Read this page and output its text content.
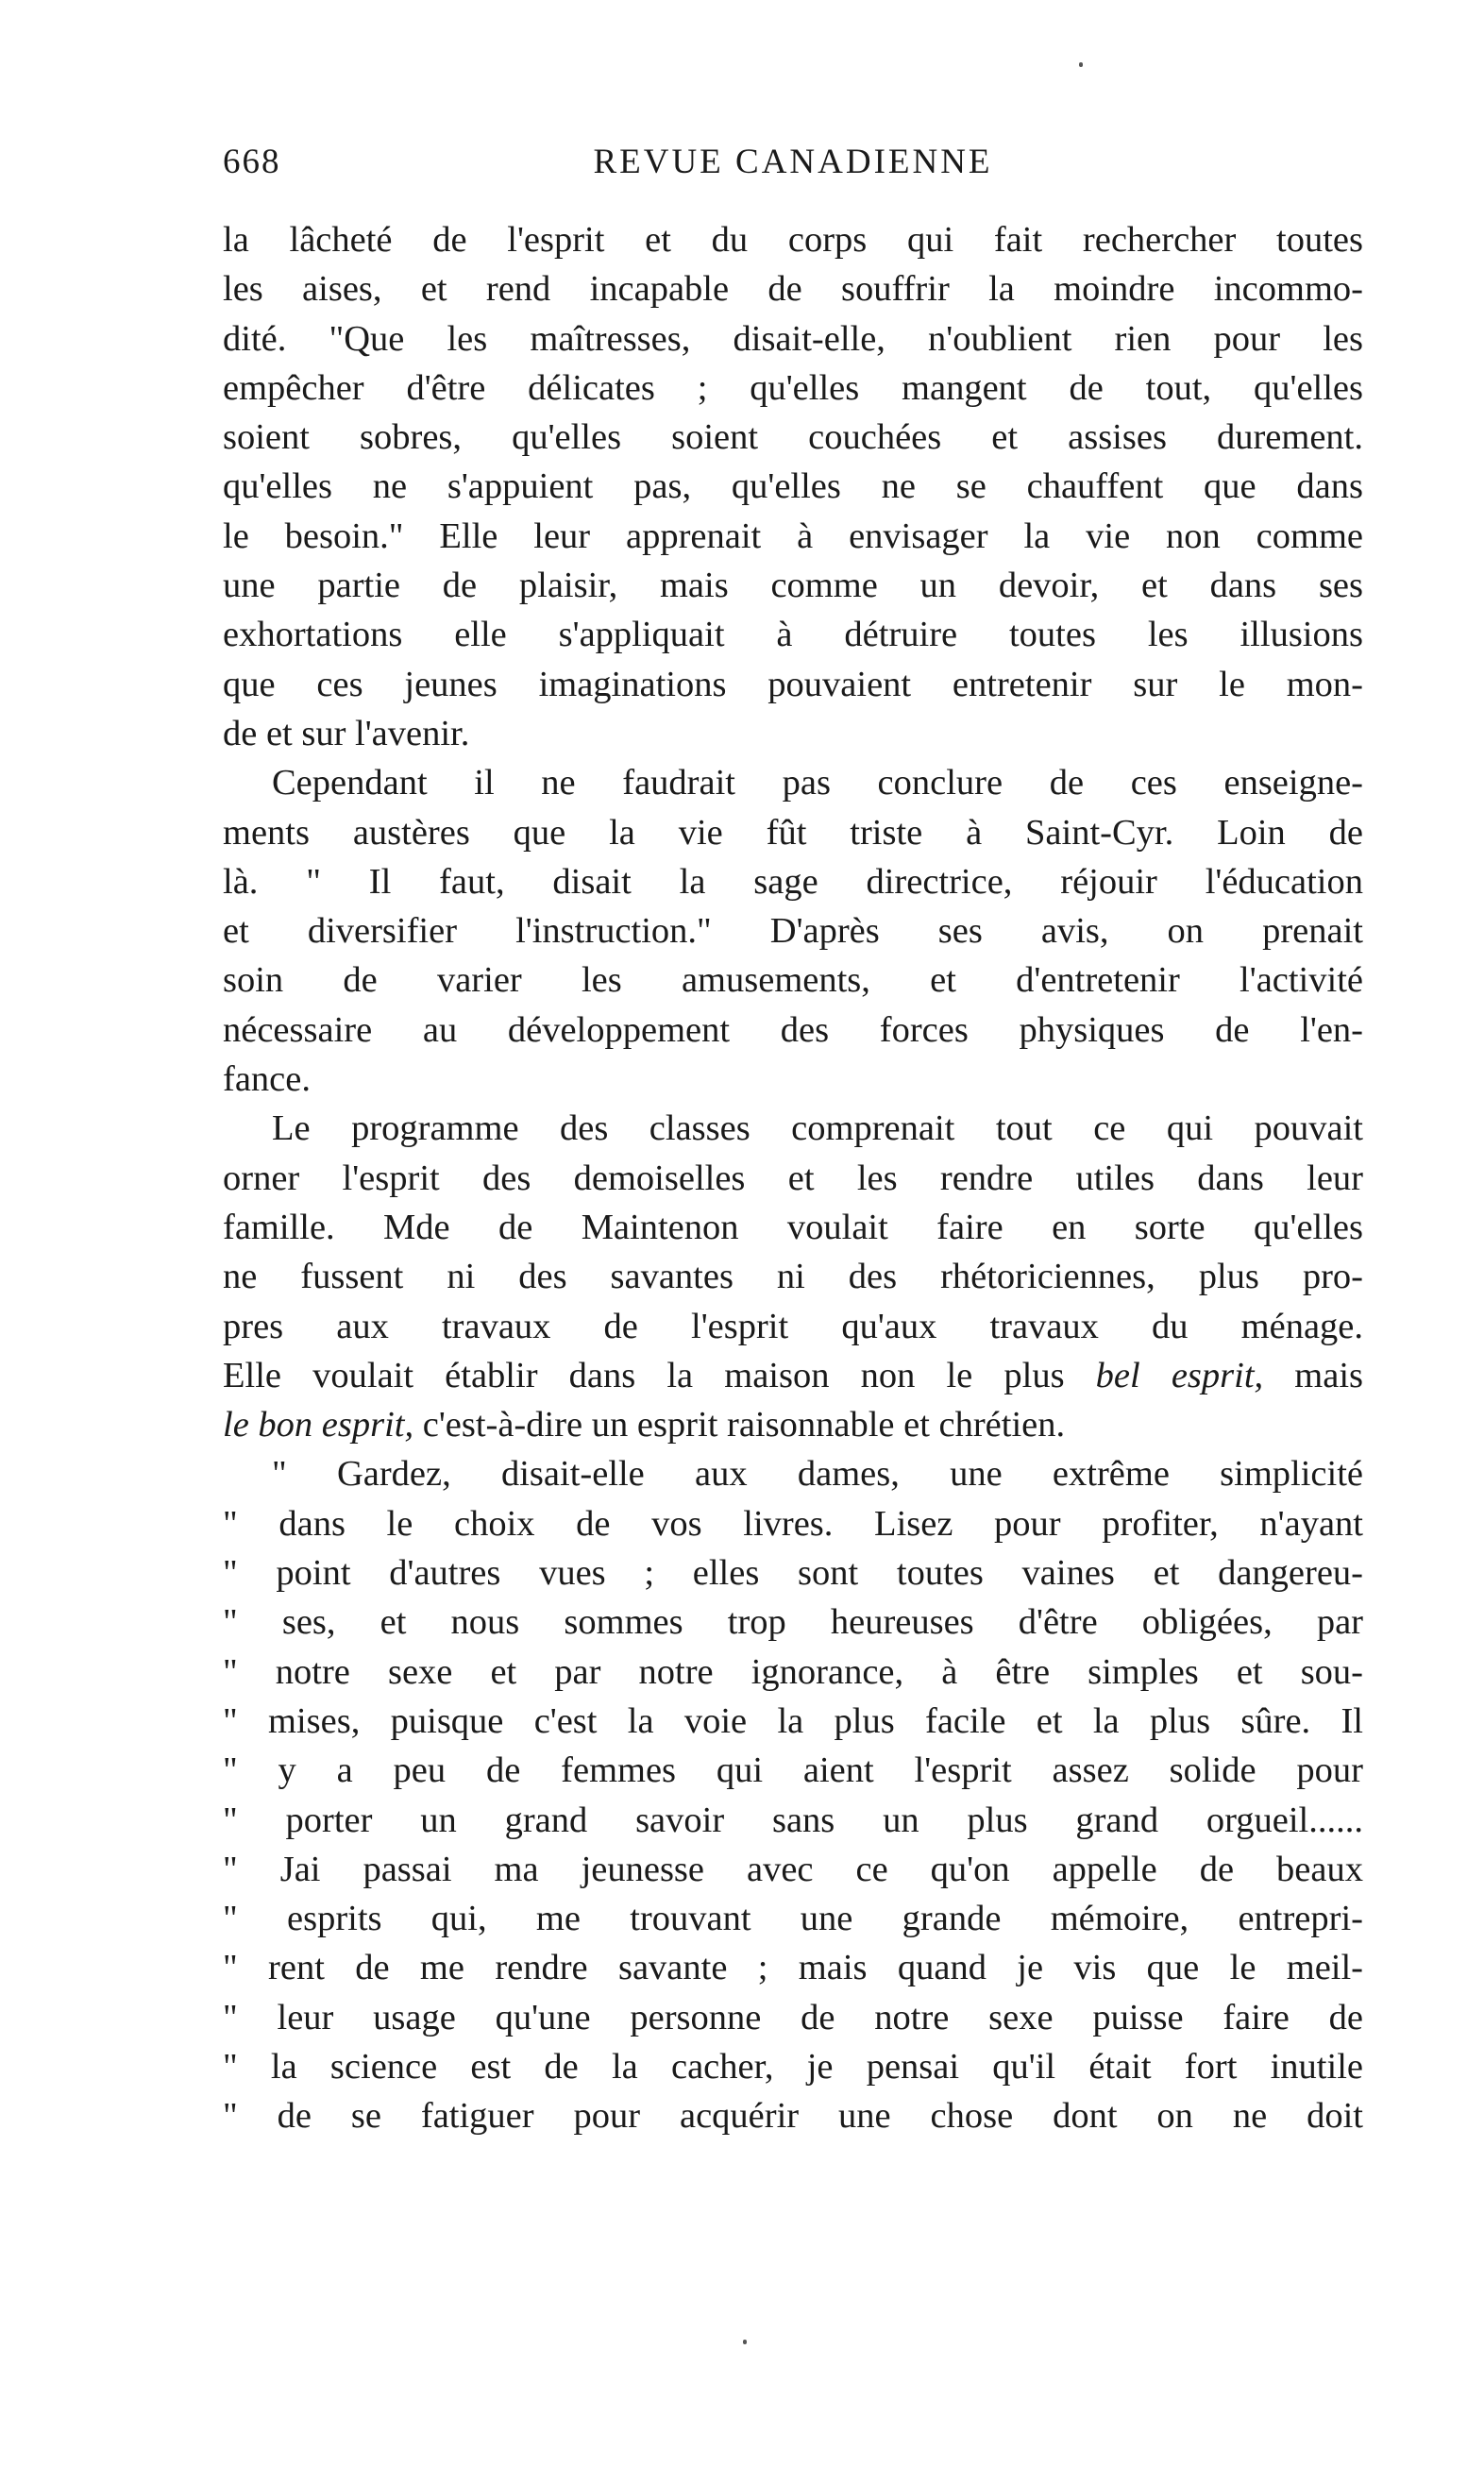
668	REVUE CANADIENNE
la lâcheté de l'esprit et du corps qui fait rechercher toutes
les aises, et rend incapable de souffrir la moindre incommo-
dité. "Que les maîtresses, disait-elle, n'oublient rien pour les
empêcher d'être délicates ; qu'elles mangent de tout, qu'elles
soient sobres, qu'elles soient couchées et assises durement.
qu'elles ne s'appuient pas, qu'elles ne se chauffent que dans
le besoin." Elle leur apprenait à envisager la vie non comme
une partie de plaisir, mais comme un devoir, et dans ses
exhortations elle s'appliquait à détruire toutes les illusions
que ces jeunes imaginations pouvaient entretenir sur le mon-
de et sur l'avenir.
Cependant il ne faudrait pas conclure de ces enseigne-
ments austères que la vie fût triste à Saint-Cyr. Loin de
là. " Il faut, disait la sage directrice, réjouir l'éducation
et diversifier l'instruction." D'après ses avis, on prenait
soin de varier les amusements, et d'entretenir l'activité
nécessaire au développement des forces physiques de l'en-
fance.
Le programme des classes comprenait tout ce qui pouvait
orner l'esprit des demoiselles et les rendre utiles dans leur
famille. Mde de Maintenon voulait faire en sorte qu'elles
ne fussent ni des savantes ni des rhétoriciennes, plus pro-
pres aux travaux de l'esprit qu'aux travaux du ménage.
Elle voulait établir dans la maison non le plus bel esprit, mais
le bon esprit, c'est-à-dire un esprit raisonnable et chrétien.
" Gardez, disait-elle aux dames, une extrême simplicité
" dans le choix de vos livres. Lisez pour profiter, n'ayant
" point d'autres vues ; elles sont toutes vaines et dangereu-
" ses, et nous sommes trop heureuses d'être obligées, par
" notre sexe et par notre ignorance, à être simples et sou-
" mises, puisque c'est la voie la plus facile et la plus sûre. Il
" y a peu de femmes qui aient l'esprit assez solide pour
" porter un grand savoir sans un plus grand orgueil......
" Jai passai ma jeunesse avec ce qu'on appelle de beaux
" esprits qui, me trouvant une grande mémoire, entrepri-
" rent de me rendre savante ; mais quand je vis que le meil-
" leur usage qu'une personne de notre sexe puisse faire de
" la science est de la cacher, je pensai qu'il était fort inutile
" de se fatiguer pour acquérir une chose dont on ne doit
